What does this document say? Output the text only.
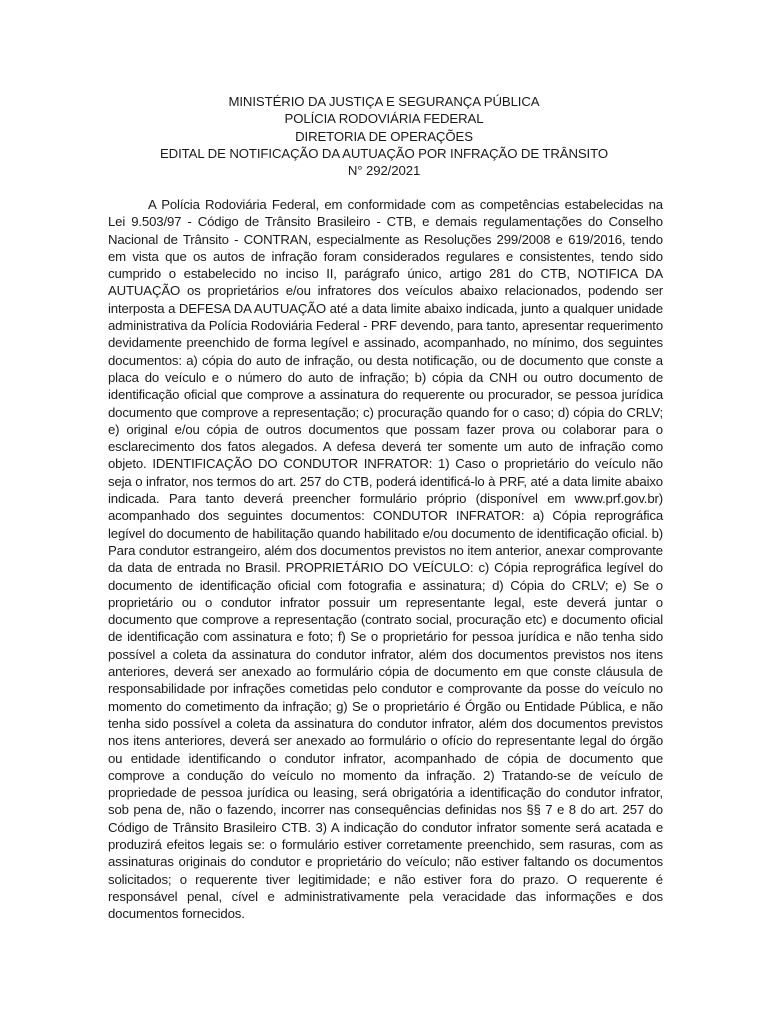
MINISTÉRIO DA JUSTIÇA E SEGURANÇA PÚBLICA
POLÍCIA RODOVIÁRIA FEDERAL
DIRETORIA DE OPERAÇÕES
EDITAL DE NOTIFICAÇÃO DA AUTUAÇÃO POR INFRAÇÃO DE TRÂNSITO
N° 292/2021

A Polícia Rodoviária Federal, em conformidade com as competências estabelecidas na Lei 9.503/97 - Código de Trânsito Brasileiro - CTB, e demais regulamentações do Conselho Nacional de Trânsito - CONTRAN, especialmente as Resoluções 299/2008 e 619/2016, tendo em vista que os autos de infração foram considerados regulares e consistentes, tendo sido cumprido o estabelecido no inciso II, parágrafo único, artigo 281 do CTB, NOTIFICA DA AUTUAÇÃO os proprietários e/ou infratores dos veículos abaixo relacionados, podendo ser interposta a DEFESA DA AUTUAÇÃO até a data limite abaixo indicada, junto a qualquer unidade administrativa da Polícia Rodoviária Federal - PRF devendo, para tanto, apresentar requerimento devidamente preenchido de forma legível e assinado, acompanhado, no mínimo, dos seguintes documentos: a) cópia do auto de infração, ou desta notificação, ou de documento que conste a placa do veículo e o número do auto de infração; b) cópia da CNH ou outro documento de identificação oficial que comprove a assinatura do requerente ou procurador, se pessoa jurídica documento que comprove a representação; c) procuração quando for o caso; d) cópia do CRLV; e) original e/ou cópia de outros documentos que possam fazer prova ou colaborar para o esclarecimento dos fatos alegados. A defesa deverá ter somente um auto de infração como objeto. IDENTIFICAÇÃO DO CONDUTOR INFRATOR: 1) Caso o proprietário do veículo não seja o infrator, nos termos do art. 257 do CTB, poderá identificá-lo à PRF, até a data limite abaixo indicada. Para tanto deverá preencher formulário próprio (disponível em www.prf.gov.br) acompanhado dos seguintes documentos: CONDUTOR INFRATOR: a) Cópia reprográfica legível do documento de habilitação quando habilitado e/ou documento de identificação oficial. b) Para condutor estrangeiro, além dos documentos previstos no item anterior, anexar comprovante da data de entrada no Brasil. PROPRIETÁRIO DO VEÍCULO: c) Cópia reprográfica legível do documento de identificação oficial com fotografia e assinatura; d) Cópia do CRLV; e) Se o proprietário ou o condutor infrator possuir um representante legal, este deverá juntar o documento que comprove a representação (contrato social, procuração etc) e documento oficial de identificação com assinatura e foto; f) Se o proprietário for pessoa jurídica e não tenha sido possível a coleta da assinatura do condutor infrator, além dos documentos previstos nos itens anteriores, deverá ser anexado ao formulário cópia de documento em que conste cláusula de responsabilidade por infrações cometidas pelo condutor e comprovante da posse do veículo no momento do cometimento da infração; g) Se o proprietário é Órgão ou Entidade Pública, e não tenha sido possível a coleta da assinatura do condutor infrator, além dos documentos previstos nos itens anteriores, deverá ser anexado ao formulário o ofício do representante legal do órgão ou entidade identificando o condutor infrator, acompanhado de cópia de documento que comprove a condução do veículo no momento da infração. 2) Tratando-se de veículo de propriedade de pessoa jurídica ou leasing, será obrigatória a identificação do condutor infrator, sob pena de, não o fazendo, incorrer nas consequências definidas nos §§ 7 e 8 do art. 257 do Código de Trânsito Brasileiro CTB. 3) A indicação do condutor infrator somente será acatada e produzirá efeitos legais se: o formulário estiver corretamente preenchido, sem rasuras, com as assinaturas originais do condutor e proprietário do veículo; não estiver faltando os documentos solicitados; o requerente tiver legitimidade; e não estiver fora do prazo. O requerente é responsável penal, cível e administrativamente pela veracidade das informações e dos documentos fornecidos.
